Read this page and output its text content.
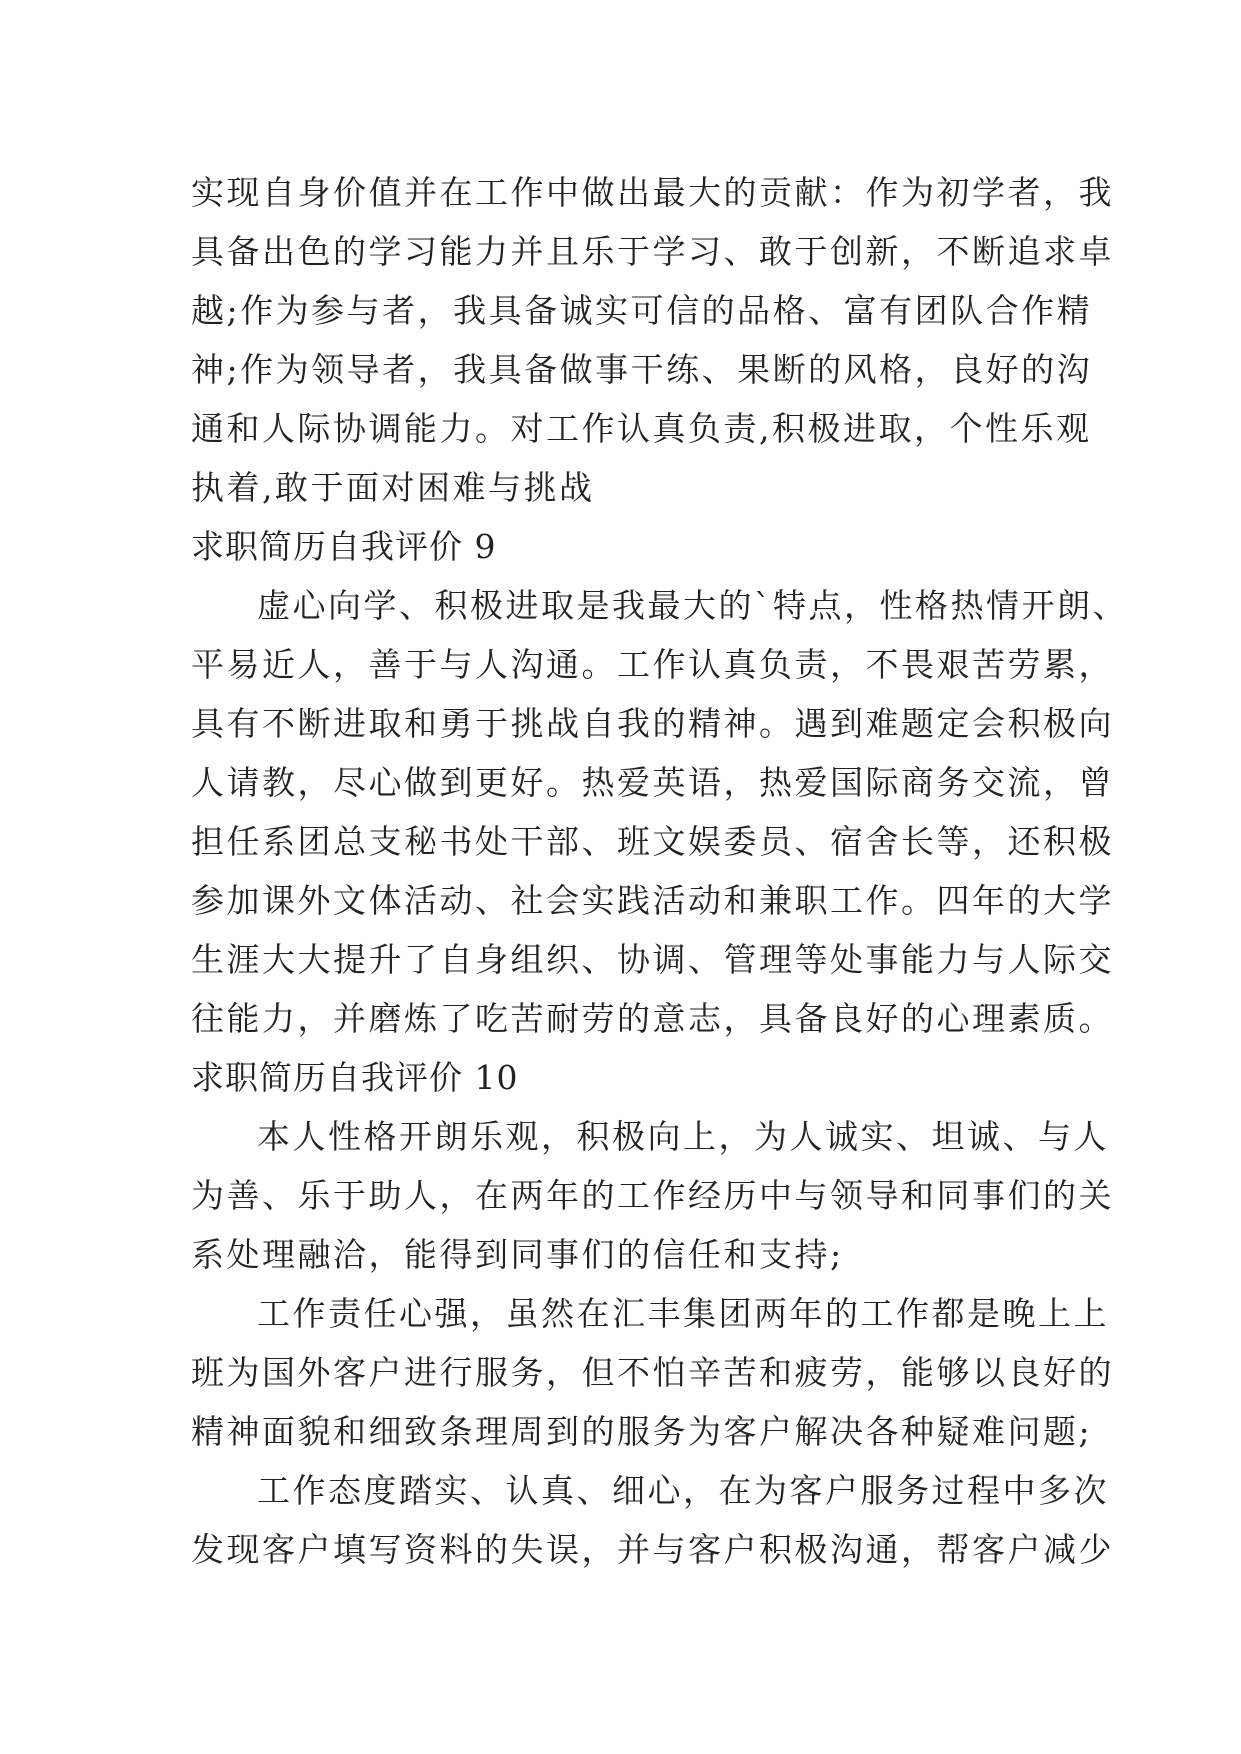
实现自身价值并在工作中做出最大的贡献：作为初学者，我
具备出色的学习能力并且乐于学习、敢于创新，不断追求卓
越;作为参与者，我具备诚实可信的品格、富有团队合作精
神;作为领导者，我具备做事干练、果断的风格，良好的沟
通和人际协调能力。对工作认真负责,积极进取，个性乐观
执着,敢于面对困难与挑战
求职简历自我评价 9
虚心向学、积极进取是我最大的`特点，性格热情开朗、
平易近人，善于与人沟通。工作认真负责，不畏艰苦劳累，
具有不断进取和勇于挑战自我的精神。遇到难题定会积极向
人请教，尽心做到更好。热爱英语，热爱国际商务交流，曾
担任系团总支秘书处干部、班文娱委员、宿舍长等，还积极
参加课外文体活动、社会实践活动和兼职工作。四年的大学
生涯大大提升了自身组织、协调、管理等处事能力与人际交
往能力，并磨炼了吃苦耐劳的意志，具备良好的心理素质。
求职简历自我评价 10
本人性格开朗乐观，积极向上，为人诚实、坦诚、与人
为善、乐于助人，在两年的工作经历中与领导和同事们的关
系处理融洽，能得到同事们的信任和支持;
工作责任心强，虽然在汇丰集团两年的工作都是晚上上
班为国外客户进行服务，但不怕辛苦和疲劳，能够以良好的
精神面貌和细致条理周到的服务为客户解决各种疑难问题;
工作态度踏实、认真、细心，在为客户服务过程中多次
发现客户填写资料的失误，并与客户积极沟通，帮客户减少
